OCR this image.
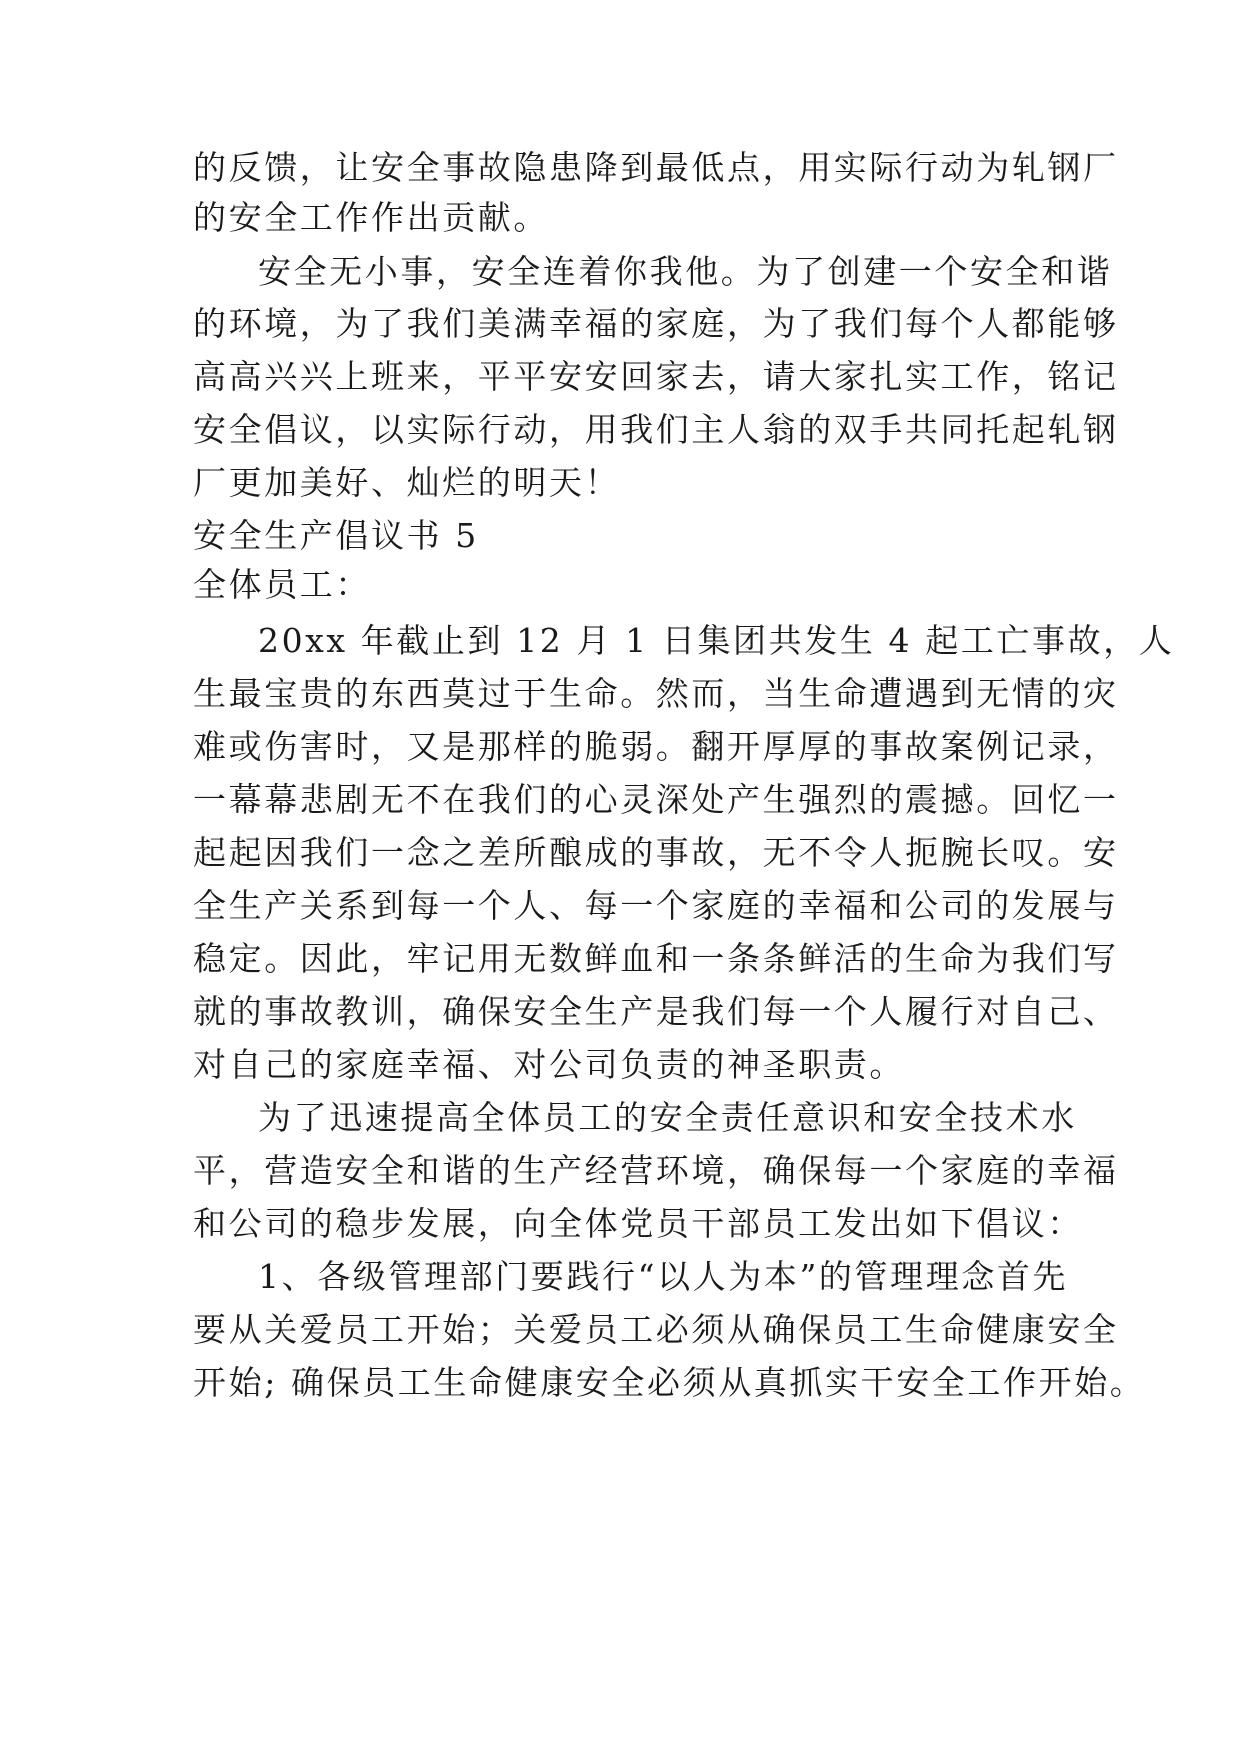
的反馈，让安全事故隐患降到最低点，用实际行动为轧钢厂
的安全工作作出贡献。
安全无小事，安全连着你我他。为了创建一个安全和谐
的环境，为了我们美满幸福的家庭，为了我们每个人都能够
高高兴兴上班来，平平安安回家去，请大家扎实工作，铭记
安全倡议，以实际行动，用我们主人翁的双手共同托起轧钢
厂更加美好、灿烂的明天！
安全生产倡议书 5
全体员工：
20xx 年截止到 12 月 1 日集团共发生 4 起工亡事故，人
生最宝贵的东西莫过于生命。然而，当生命遭遇到无情的灾
难或伤害时，又是那样的脆弱。翻开厚厚的事故案例记录，
一幕幕悲剧无不在我们的心灵深处产生强烈的震撼。回忆一
起起因我们一念之差所酿成的事故，无不令人扼腕长叹。安
全生产关系到每一个人、每一个家庭的幸福和公司的发展与
稳定。因此，牢记用无数鲜血和一条条鲜活的生命为我们写
就的事故教训，确保安全生产是我们每一个人履行对自己、
对自己的家庭幸福、对公司负责的神圣职责。
为了迅速提高全体员工的安全责任意识和安全技术水
平，营造安全和谐的生产经营环境，确保每一个家庭的幸福
和公司的稳步发展，向全体党员干部员工发出如下倡议：
1、各级管理部门要践行“以人为本”的管理理念首先
要从关爱员工开始；关爱员工必须从确保员工生命健康安全
开始; 确保员工生命健康安全必须从真抓实干安全工作开始。
